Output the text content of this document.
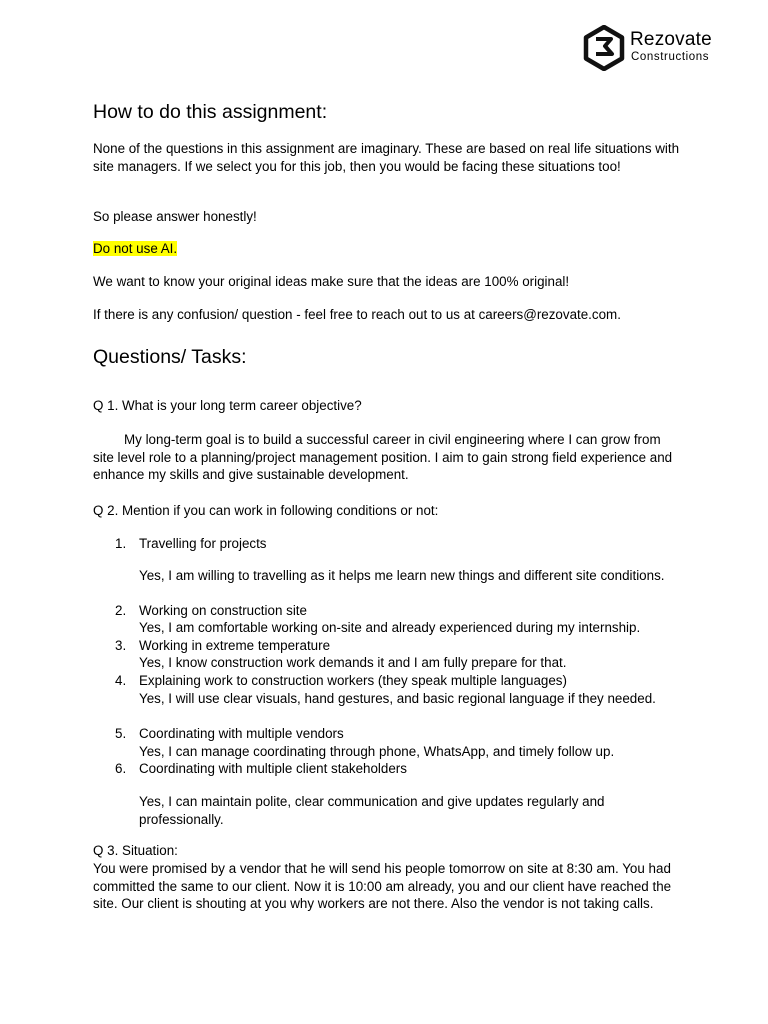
Rezovate
Constructions
How to do this assignment:

None of the questions in this assignment are imaginary. These are based on real life situations with site managers. If we select you for this job, then you would be facing these situations too!

So please answer honestly!

Do not use AI.

We want to know your original ideas make sure that the ideas are 100% original!

If there is any confusion/ question - feel free to reach out to us at careers@rezovate.com.

Questions/ Tasks:

Q 1. What is your long term career objective?

My long-term goal is to build a successful career in civil engineering where I can grow from site level role to a planning/project management position. I aim to gain strong field experience and enhance my skills and give sustainable development.

Q 2. Mention if you can work in following conditions or not:

1. Travelling for projects
Yes, I am willing to travelling as it helps me learn new things and different site conditions.
2. Working on construction site
Yes, I am comfortable working on-site and already experienced during my internship.
3. Working in extreme temperature
Yes, I know construction work demands it and I am fully prepare for that.
4. Explaining work to construction workers (they speak multiple languages)
Yes, I will use clear visuals, hand gestures, and basic regional language if they needed.
5. Coordinating with multiple vendors
Yes, I can manage coordinating through phone, WhatsApp, and timely follow up.
6. Coordinating with multiple client stakeholders
Yes, I can maintain polite, clear communication and give updates regularly and professionally.

Q 3. Situation:

You were promised by a vendor that he will send his people tomorrow on site at 8:30 am. You had committed the same to our client. Now it is 10:00 am already, you and our client have reached the site. Our client is shouting at you why workers are not there. Also the vendor is not taking calls.
